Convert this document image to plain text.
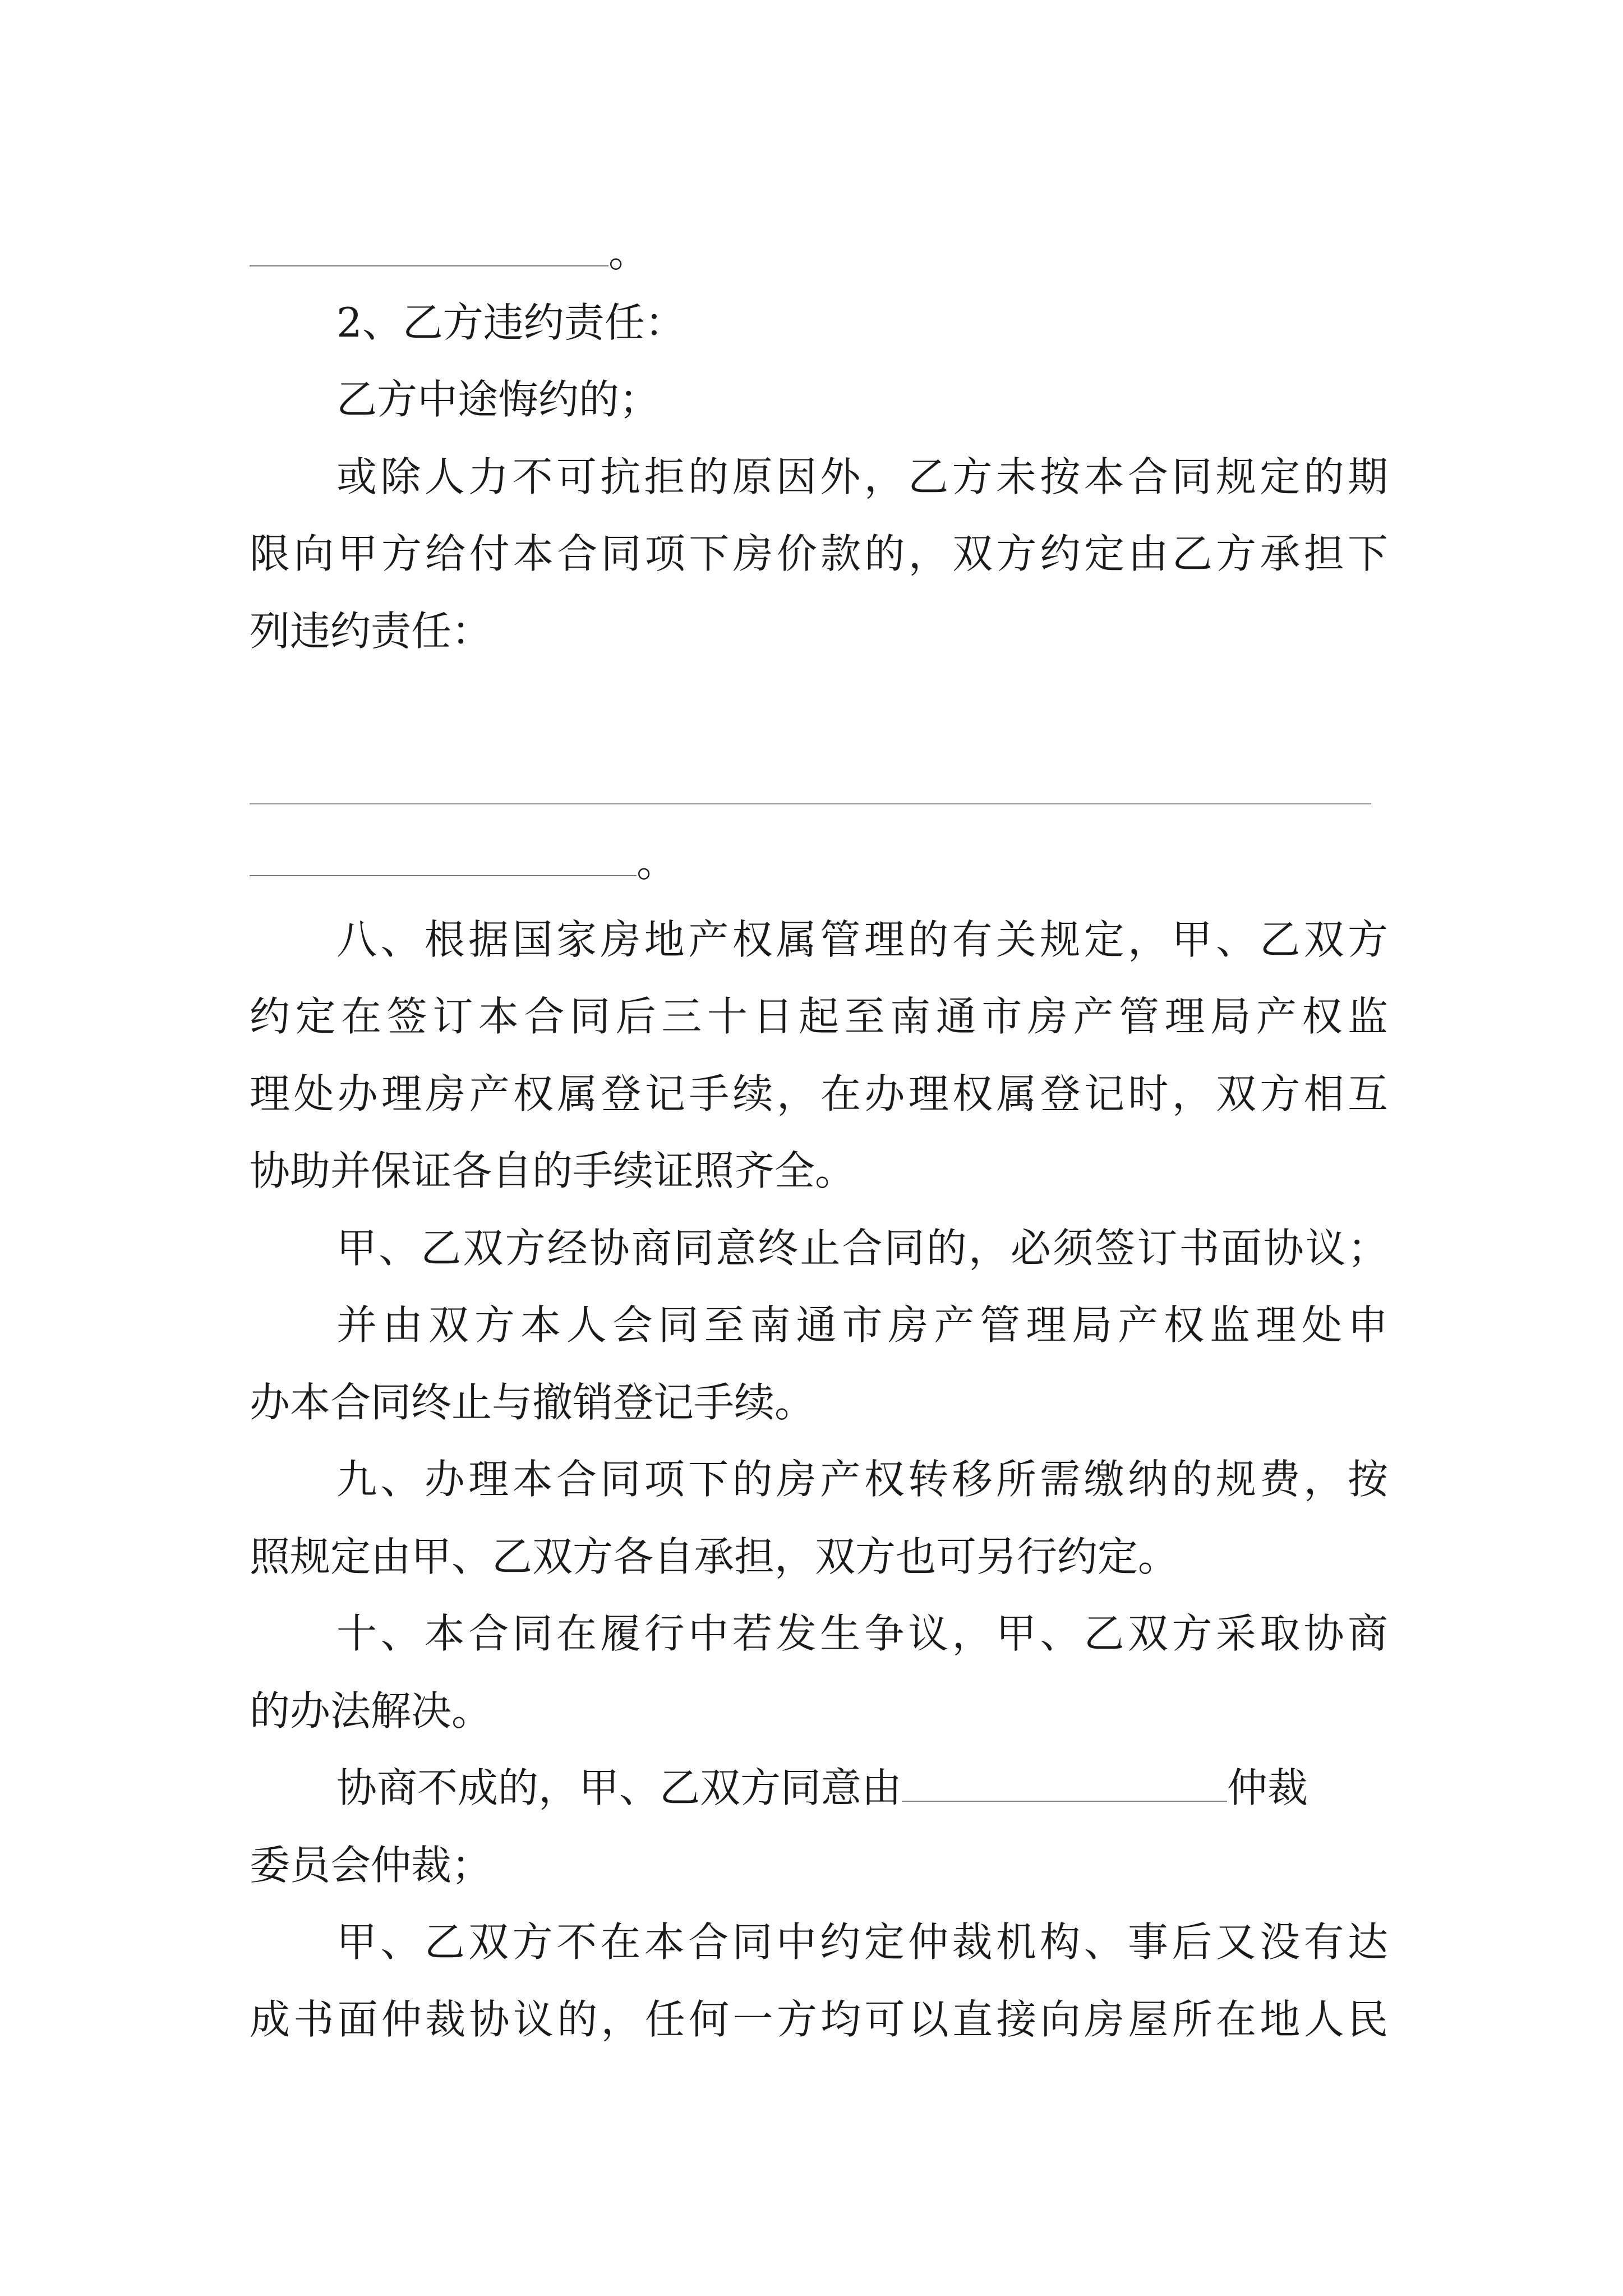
。
2、乙方违约责任：
乙方中途悔约的；
或除人力不可抗拒的原因外，乙方未按本合同规定的期
限向甲方给付本合同项下房价款的，双方约定由乙方承担下
列违约责任：
。
八、根据国家房地产权属管理的有关规定，甲、乙双方
约定在签订本合同后三十日起至南通市房产管理局产权监
理处办理房产权属登记手续，在办理权属登记时，双方相互
协助并保证各自的手续证照齐全。
甲、乙双方经协商同意终止合同的，必须签订书面协议；
并由双方本人会同至南通市房产管理局产权监理处申
办本合同终止与撤销登记手续。
九、办理本合同项下的房产权转移所需缴纳的规费，按
照规定由甲、乙双方各自承担，双方也可另行约定。
十、本合同在履行中若发生争议，甲、乙双方采取协商
的办法解决。
协商不成的，甲、乙双方同意由	仲裁
委员会仲裁；
甲、乙双方不在本合同中约定仲裁机构、事后又没有达
成书面仲裁协议的，任何一方均可以直接向房屋所在地人民
